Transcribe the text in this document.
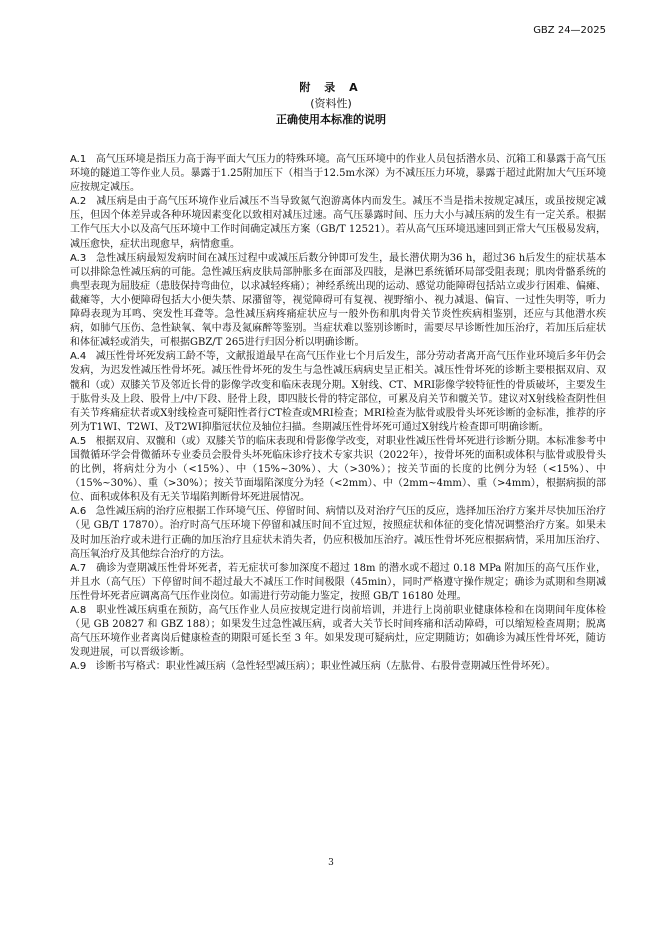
GBZ 24—2025
附 录 A
(资料性)
正确使用本标准的说明

A.1 高气压环境是指压力高于海平面大气压力的特殊环境。高气压环境中的作业人员包括潜水员、沉箱工和暴露于高气压环境的隧道工等作业人员。暴露于1.25附加压下（相当于12.5m水深）为不减压压力环境，暴露于超过此附加大气压环境应按规定减压。

A.2 减压病是由于高气压环境作业后减压不当导致氮气泡游离体内而发生。减压不当是指未按规定减压，或虽按规定减压，但因个体差异或各种环境因素变化以致相对减压过速。高气压暴露时间、压力大小与减压病的发生有一定关系。根据工作气压大小以及高气压环境中工作时间确定减压方案（GB/T 12521）。若从高气压环境迅速回到正常大气压极易发病，减压愈快，症状出现愈早，病情愈重。

A.3 急性减压病最短发病时间在减压过程中或减压后数分钟即可发生，最长潜伏期为36 h，超过36 h后发生的症状基本可以排除急性减压病的可能。急性减压病皮肤局部肿胀多在面部及四肢，是淋巴系统循环局部受阻表现；肌肉骨骼系统的典型表现为屈肢症（患肢保持弯曲位，以求减轻疼痛）；神经系统出现的运动、感觉功能障碍包括站立或步行困难、偏瘫、截瘫等，大小便障碍包括大小便失禁、尿潴留等，视觉障碍可有复视、视野缩小、视力减退、偏盲、一过性失明等，听力障碍表现为耳鸣、突发性耳聋等。急性减压病疼痛症状应与一般外伤和肌肉骨关节炎性疾病相鉴别，还应与其他潜水疾病，如肺气压伤、急性缺氧、氧中毒及氮麻醉等鉴别。当症状难以鉴别诊断时，需要尽早诊断性加压治疗，若加压后症状和体征减轻或消失，可根据GBZ/T 265进行归因分析以明确诊断。

A.4 减压性骨坏死发病工龄不等，文献报道最早在高气压作业七个月后发生，部分劳动者离开高气压作业环境后多年仍会发病，为迟发性减压性骨坏死。减压性骨坏死的发生与急性减压病病史呈正相关。减压性骨坏死的诊断主要根据双肩、双髋和（或）双膝关节及邻近长骨的影像学改变和临床表现分期。X射线、CT、MRI影像学较特征性的骨质破坏，主要发生于肱骨头及上段、股骨上/中/下段、胫骨上段，即四肢长骨的特定部位，可累及肩关节和髋关节。建议对X射线检查阴性但有关节疼痛症状者或X射线检查可疑阳性者行CT检查或MRI检查；MRI检查为肱骨或股骨头坏死诊断的金标准，推荐的序列为T1WI、T2WI、及T2WI抑脂冠状位及轴位扫描。叁期减压性骨坏死可通过X射线片检查即可明确诊断。

A.5 根据双肩、双髋和（或）双膝关节的临床表现和骨影像学改变，对职业性减压性骨坏死进行诊断分期。本标准参考中国微循环学会骨微循环专业委员会股骨头坏死临床诊疗技术专家共识（2022年），按骨坏死的面积或体积与肱骨或股骨头的比例，将病灶分为小（<15%）、中（15%~30%）、大（>30%）；按关节面的长度的比例分为轻（<15%）、中（15%~30%）、重（>30%）；按关节面塌陷深度分为轻（<2mm）、中（2mm~4mm）、重（>4mm），根据病损的部位、面积或体积及有无关节塌陷判断骨坏死进展情况。

A.6 急性减压病的治疗应根据工作环境气压、停留时间、病情以及对治疗气压的反应，选择加压治疗方案并尽快加压治疗（见 GB/T 17870）。治疗时高气压环境下停留和减压时间不宜过短，按照症状和体征的变化情况调整治疗方案。如果未及时加压治疗或未进行正确的加压治疗且症状未消失者，仍应积极加压治疗。减压性骨坏死应根据病情，采用加压治疗、高压氧治疗及其他综合治疗的方法。

A.7 确诊为壹期减压性骨坏死者，若无症状可参加深度不超过 18m 的潜水或不超过 0.18 MPa 附加压的高气压作业，并且水（高气压）下停留时间不超过最大不减压工作时间极限（45min），同时严格遵守操作规定；确诊为贰期和叁期减压性骨坏死者应调离高气压作业岗位。如需进行劳动能力鉴定，按照 GB/T 16180 处理。

A.8 职业性减压病重在预防，高气压作业人员应按规定进行岗前培训，并进行上岗前职业健康体检和在岗期间年度体检（见 GB 20827 和 GBZ 188）；如果发生过急性减压病，或者大关节长时间疼痛和活动障碍，可以缩短检查周期；脱离高气压环境作业者离岗后健康检查的期限可延长至 3 年。如果发现可疑病灶，应定期随访；如确诊为减压性骨坏死，随访发现进展，可以晋级诊断。

A.9 诊断书写格式：职业性减压病（急性轻型减压病）；职业性减压病（左肱骨、右股骨壹期减压性骨坏死）。

3
